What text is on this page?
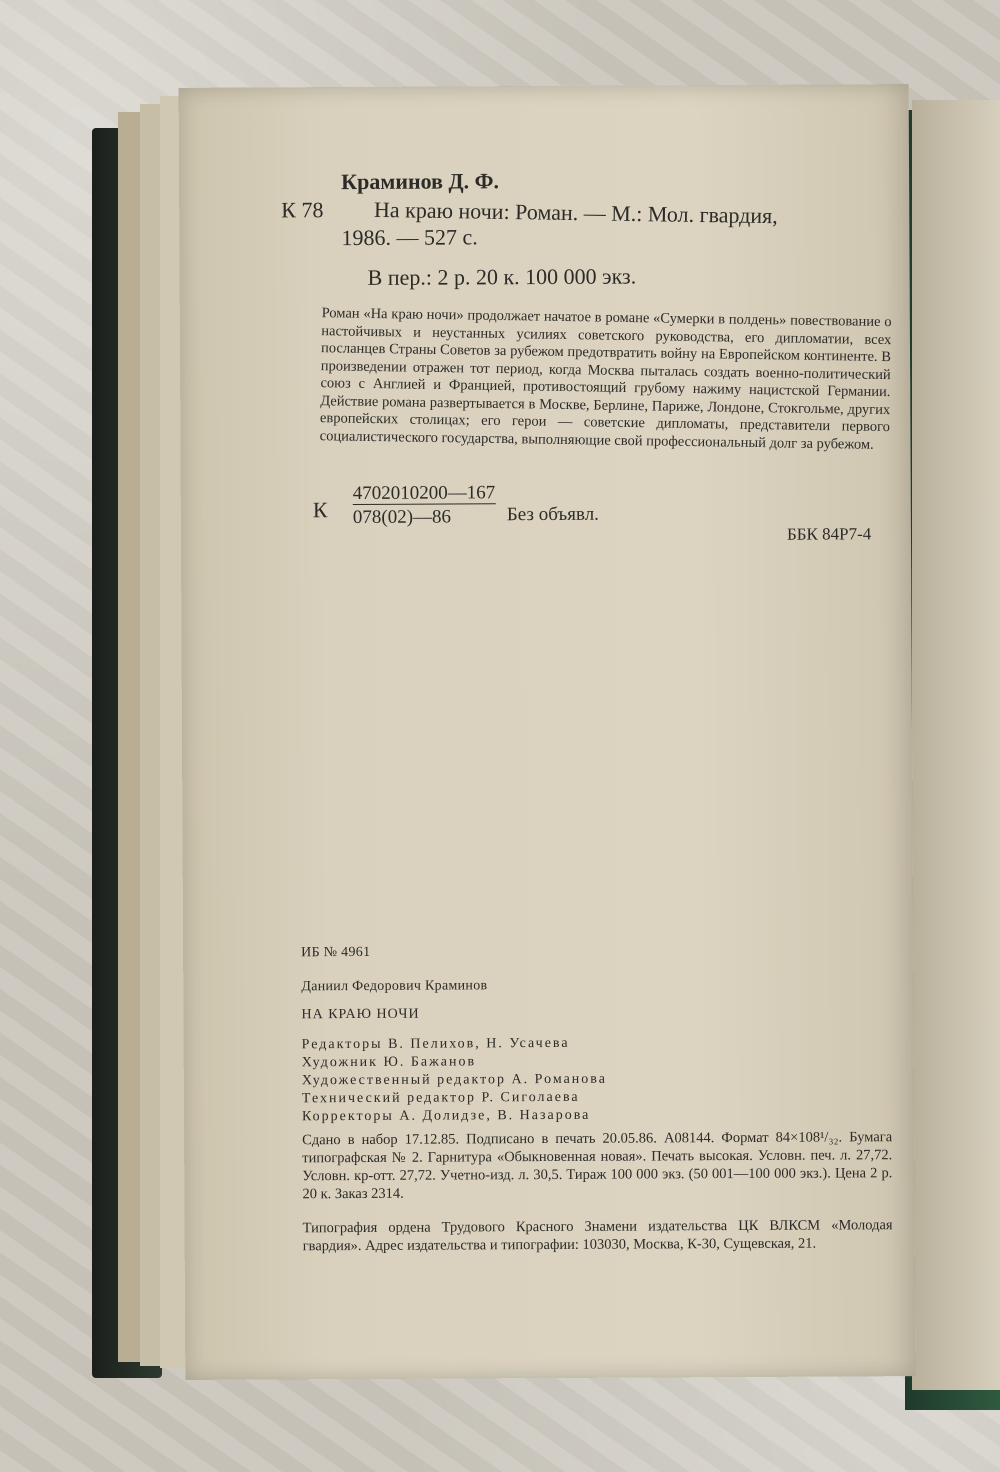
Краминов Д. Ф.
К 78 На краю ночи: Роман. — М.: Мол. гвардия,
1986. — 527 с.
В пер.: 2 р. 20 к. 100 000 экз.
Роман «На краю ночи» продолжает начатое в романе «Сумерки в полдень» повествование о настойчивых и неустанных усилиях советского руководства, его дипломатии, всех посланцев Страны Советов за рубежом предотвратить войну на Европейском континенте. В произведении отражен тот период, когда Москва пыталась создать военно-политический союз с Англией и Францией, противостоящий грубому нажиму нацистской Германии. Действие романа развертывается в Москве, Берлине, Париже, Лондоне, Стокгольме, других европейских столицах; его герои — советские дипломаты, представители первого социалистического государства, выполняющие свой профессиональный долг за рубежом.
К
4702010200—167
078(02)—86	Без объявл.
ББК 84Р7-4
ИБ № 4961
Даниил Федорович Краминов
НА КРАЮ НОЧИ
Редакторы В. Пелихов, Н. Усачева
Художник Ю. Бажанов
Художественный редактор А. Романова
Технический редактор Р. Сиголаева
Корректоры А. Долидзе, В. Назарова
Сдано в набор 17.12.85. Подписано в печать 20.05.86. А08144. Формат 84×108¹/₃₂. Бумага типографская № 2. Гарнитура «Обыкновенная новая». Печать высокая. Условн. печ. л. 27,72. Условн. кр-отт. 27,72. Учетно-изд. л. 30,5. Тираж 100 000 экз. (50 001—100 000 экз.). Цена 2 р. 20 к. Заказ 2314.
Типография ордена Трудового Красного Знамени издательства ЦК ВЛКСМ «Молодая гвардия». Адрес издательства и типографии: 103030, Москва, К-30, Сущевская, 21.
